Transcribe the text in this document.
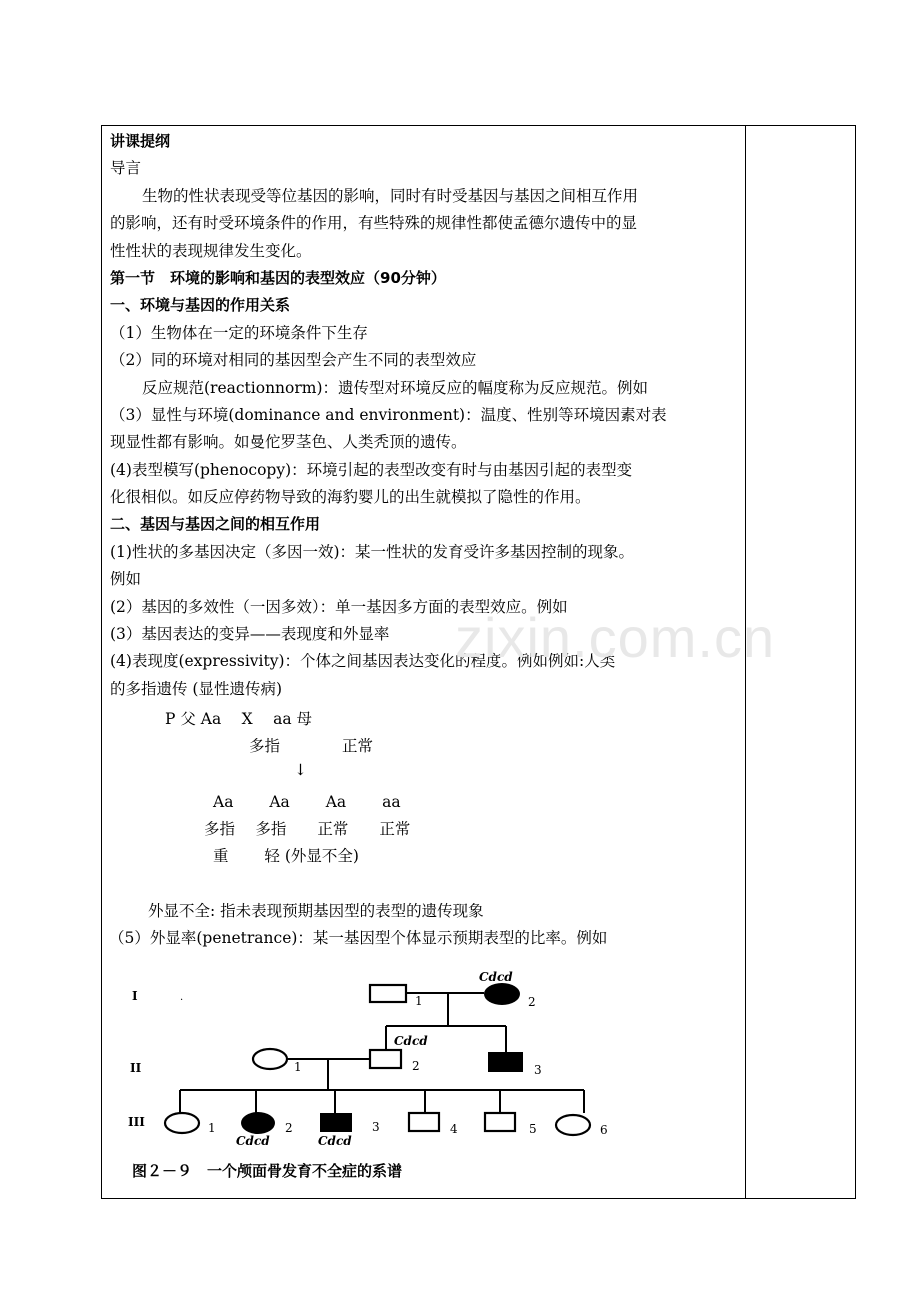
讲课提纲
导言
生物的性状表现受等位基因的影响，同时有时受基因与基因之间相互作用
的影响，还有时受环境条件的作用，有些特殊的规律性都使孟德尔遗传中的显
性性状的表现规律发生变化。
第一节　环境的影响和基因的表型效应（90分钟）
一、环境与基因的作用关系
（1）生物体在一定的环境条件下生存
（2）同的环境对相同的基因型会产生不同的表型效应
反应规范(reactionnorm)：遗传型对环境反应的幅度称为反应规范。例如
（3）显性与环境(dominance and environment)：温度、性别等环境因素对表
现显性都有影响。如曼佗罗茎色、人类秃顶的遗传。
(4)表型模写(phenocopy)：环境引起的表型改变有时与由基因引起的表型变
化很相似。如反应停药物导致的海豹婴儿的出生就模拟了隐性的作用。
二、基因与基因之间的相互作用
(1)性状的多基因决定（多因一效)：某一性状的发育受许多基因控制的现象。
例如
(2）基因的多效性（一因多效）：单一基因多方面的表型效应。例如
(3）基因表达的变异——表现度和外显率
(4)表现度(expressivity)：个体之间基因表达变化的程度。例如例如:人类
的多指遗传 (显性遗传病)
P 父 Aa　 X　 aa 母
多指　　　　正常
↓
Aa　　 Aa　　 Aa　　 aa
多指　 多指　　正常　　正常
重　　 轻 (外显不全)
外显不全: 指未表现预期基因型的表型的遗传现象
（5）外显率(penetrance)：某一基因型个体显示预期表型的比率。例如
zixin.com.cn
I	.
II
III
1
Cdcd
2
Cdcd
1	2	3
1	2
Cdcd
3
Cdcd
4	5	6
图２－９　一个颅面骨发育不全症的系谱
